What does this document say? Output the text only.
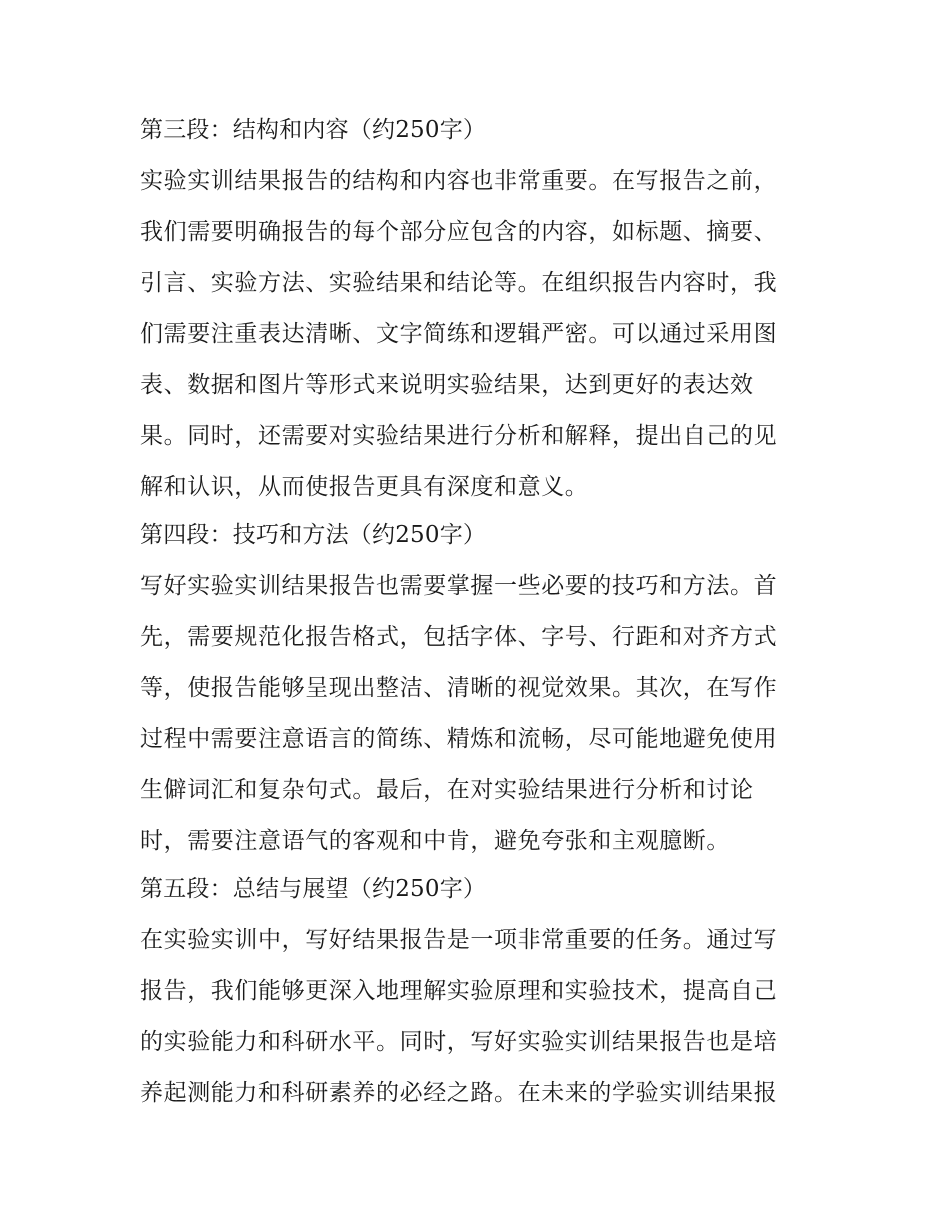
第三段：结构和内容（约250字）

实验实训结果报告的结构和内容也非常重要。在写报告之前，

我们需要明确报告的每个部分应包含的内容，如标题、摘要、

引言、实验方法、实验结果和结论等。在组织报告内容时，我

们需要注重表达清晰、文字简练和逻辑严密。可以通过采用图

表、数据和图片等形式来说明实验结果，达到更好的表达效

果。同时，还需要对实验结果进行分析和解释，提出自己的见

解和认识，从而使报告更具有深度和意义。

第四段：技巧和方法（约250字）

写好实验实训结果报告也需要掌握一些必要的技巧和方法。首

先，需要规范化报告格式，包括字体、字号、行距和对齐方式

等，使报告能够呈现出整洁、清晰的视觉效果。其次，在写作

过程中需要注意语言的简练、精炼和流畅，尽可能地避免使用

生僻词汇和复杂句式。最后，在对实验结果进行分析和讨论

时，需要注意语气的客观和中肯，避免夸张和主观臆断。

第五段：总结与展望（约250字）

在实验实训中，写好结果报告是一项非常重要的任务。通过写

报告，我们能够更深入地理解实验原理和实验技术，提高自己

的实验能力和科研水平。同时，写好实验实训结果报告也是培

养起测能力和科研素养的必经之路。在未来的学验实训结果报
